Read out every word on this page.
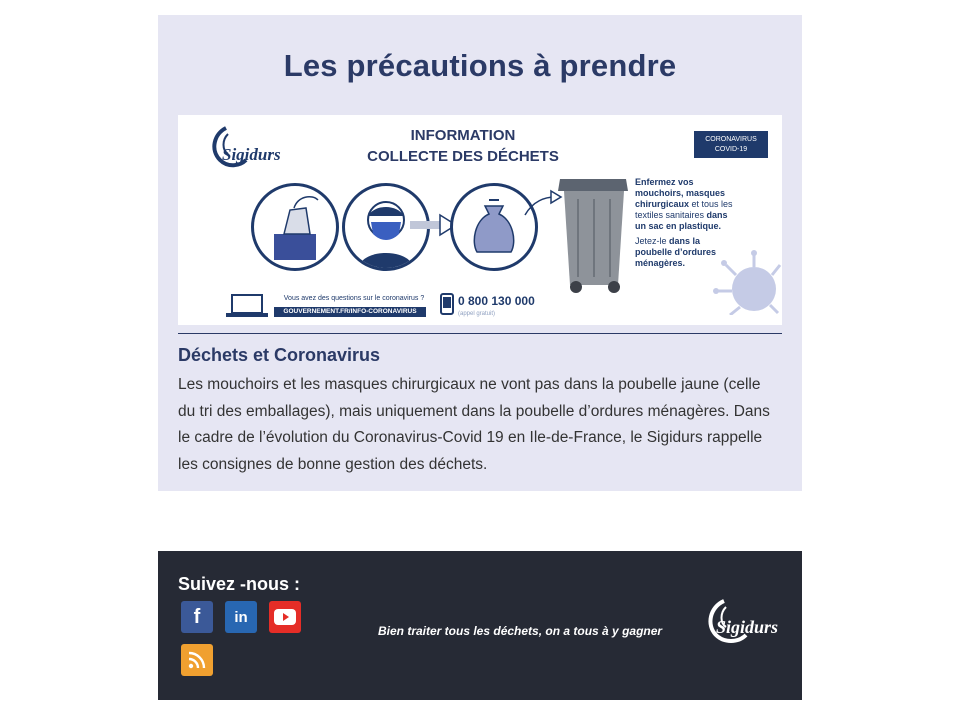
Les précautions à prendre
Sigidurs
INFORMATION
COLLECTE DES DÉCHETS
CORONAVIRUS
COVID-19
Enfermez vos mouchoirs, masques chirurgicaux et tous les textiles sanitaires dans un sac en plastique.
Jetez-le dans la poubelle d’ordures ménagères.
Vous avez des questions sur le coronavirus ?
GOUVERNEMENT.FR/INFO-CORONAVIRUS
0 800 130 000
(appel gratuit)
Déchets et Coronavirus
Les mouchoirs et les masques chirurgicaux ne vont pas dans la poubelle jaune (celle du tri des emballages), mais uniquement dans la poubelle d’ordures ménagères. Dans le cadre de l’évolution du Coronavirus-Covid 19 en Ile-de-France, le Sigidurs rappelle les consignes de bonne gestion des déchets.
Suivez -nous :
f in
Bien traiter tous les déchets, on a tous à y gagner	Sigidurs
